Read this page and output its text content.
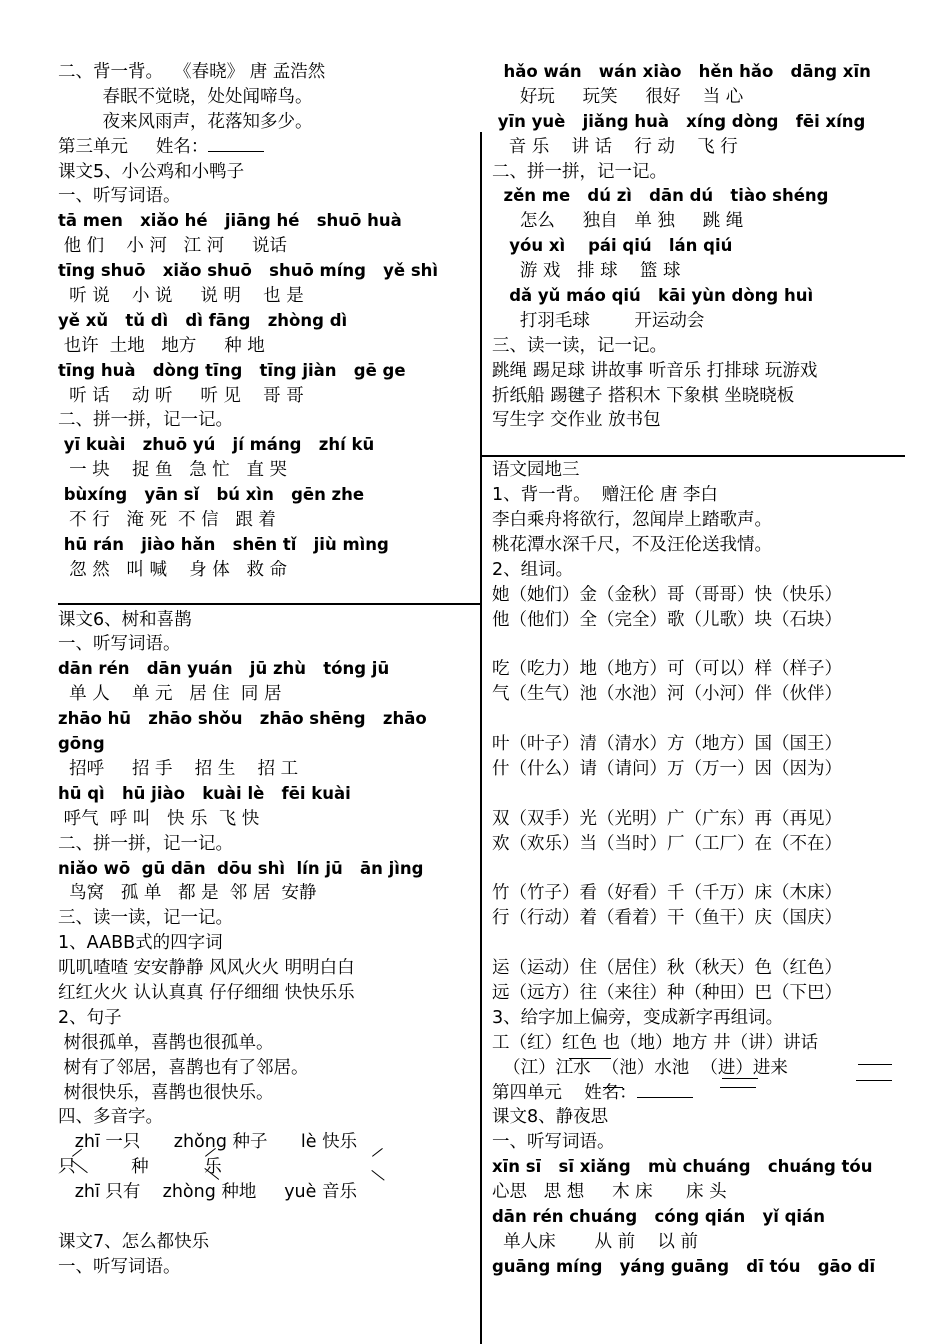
二、背一背。  《春晓》 唐 孟浩然
春眠不觉晓，处处闻啼鸟。
夜来风雨声，花落知多少。
第三单元     姓名：
课文5、小公鸡和小鸭子
一、听写词语。
tā men   xiǎo hé   jiāng hé   shuō huà
他 们    小 河   江 河     说话
tīng shuō   xiǎo shuō   shuō míng   yě shì
听 说    小 说     说 明    也 是
yě xǔ   tǔ dì   dì fāng   zhòng dì
也许  土地   地方     种 地
tīng huà   dòng tīng   tīng jiàn   gē ge
听 话    动 听     听 见    哥 哥
二、拼一拼，记一记。
yī kuài   zhuō yú   jí máng   zhí kū
一 块    捉 鱼   急 忙   直 哭
bùxíng   yān sǐ   bú xìn   gēn zhe
不 行   淹 死  不 信   跟 着
hū rán   jiào hǎn   shēn tǐ   jiù mìng
忽 然   叫 喊    身 体   救 命
课文6、树和喜鹊
一、听写词语。
dān rén   dān yuán   jū zhù   tóng jū
单 人    单 元   居 住  同 居
zhāo hū   zhāo shǒu   zhāo shēng   zhāo
gōng
招呼     招 手    招 生    招 工
hū qì   hū jiào   kuài lè   fēi kuài
呼气  呼 叫   快 乐  飞 快
二、拼一拼，记一记。
niǎo wō  gū dān  dōu shì  lín jū   ān jìng
鸟窝   孤 单   都 是  邻 居  安静
三、读一读，记一记。
1、AABB式的四字词
叽叽喳喳 安安静静 风风火火 明明白白
红红火火 认认真真 仔仔细细 快快乐乐
2、句子
树很孤单，喜鹊也很孤单。
树有了邻居，喜鹊也有了邻居。
树很快乐，喜鹊也很快乐。
四、多音字。
zhī 一只      zhǒng 种子      lè 快乐
只          种          乐
zhī 只有    zhòng 种地     yuè 音乐
课文7、怎么都快乐
一、听写词语。
hǎo wán   wán xiào   hěn hǎo   dāng xīn
好玩     玩笑     很好    当 心
yīn yuè   jiǎng huà   xíng dòng   fēi xíng
音 乐    讲 话    行 动    飞 行
二、拼一拼，记一记。
zěn me   dú zì   dān dú   tiào shéng
怎么     独自   单 独     跳 绳
yóu xì    pái qiú   lán qiú
游 戏   排 球    篮 球
dǎ yǔ máo qiú   kāi yùn dòng huì
打羽毛球        开运动会
三、读一读，记一记。
跳绳 踢足球 讲故事 听音乐 打排球 玩游戏
折纸船 踢毽子 搭积木 下象棋 坐晓晓板
写生字 交作业 放书包
语文园地三
1、背一背。  赠汪伦 唐 李白
李白乘舟将欲行，忽闻岸上踏歌声。
桃花潭水深千尺，不及汪伦送我情。
2、组词。
她（她们）金（金秋）哥（哥哥）快（快乐）
他（他们）全（完全）歌（儿歌）块（石块）
吃（吃力）地（地方）可（可以）样（样子）
气（生气）池（水池）河（小河）伴（伙伴）
叶（叶子）清（清水）方（地方）国（国王）
什（什么）请（请问）万（万一）因（因为）
双（双手）光（光明）广（广东）再（再见）
欢（欢乐）当（当时）厂（工厂）在（不在）
竹（竹子）看（好看）千（千万）床（木床）
行（行动）着（看着）干（鱼干）庆（国庆）
运（运动）住（居住）秋（秋天）色（红色）
远（远方）往（来往）种（种田）巴（下巴）
3、给字加上偏旁，变成新字再组词。
工（红）红色 也（地）地方 井（讲）讲话
（江）江水  （池）水池  （进）进来
第四单元    姓名：
课文8、静夜思
一、听写词语。
xīn sī   sī xiǎng   mù chuáng   chuáng tóu
心思   思 想     木 床      床 头
dān rén chuáng   cóng qián   yǐ qián
单人床       从 前    以 前
guāng míng   yáng guāng   dī tóu   gāo dī
